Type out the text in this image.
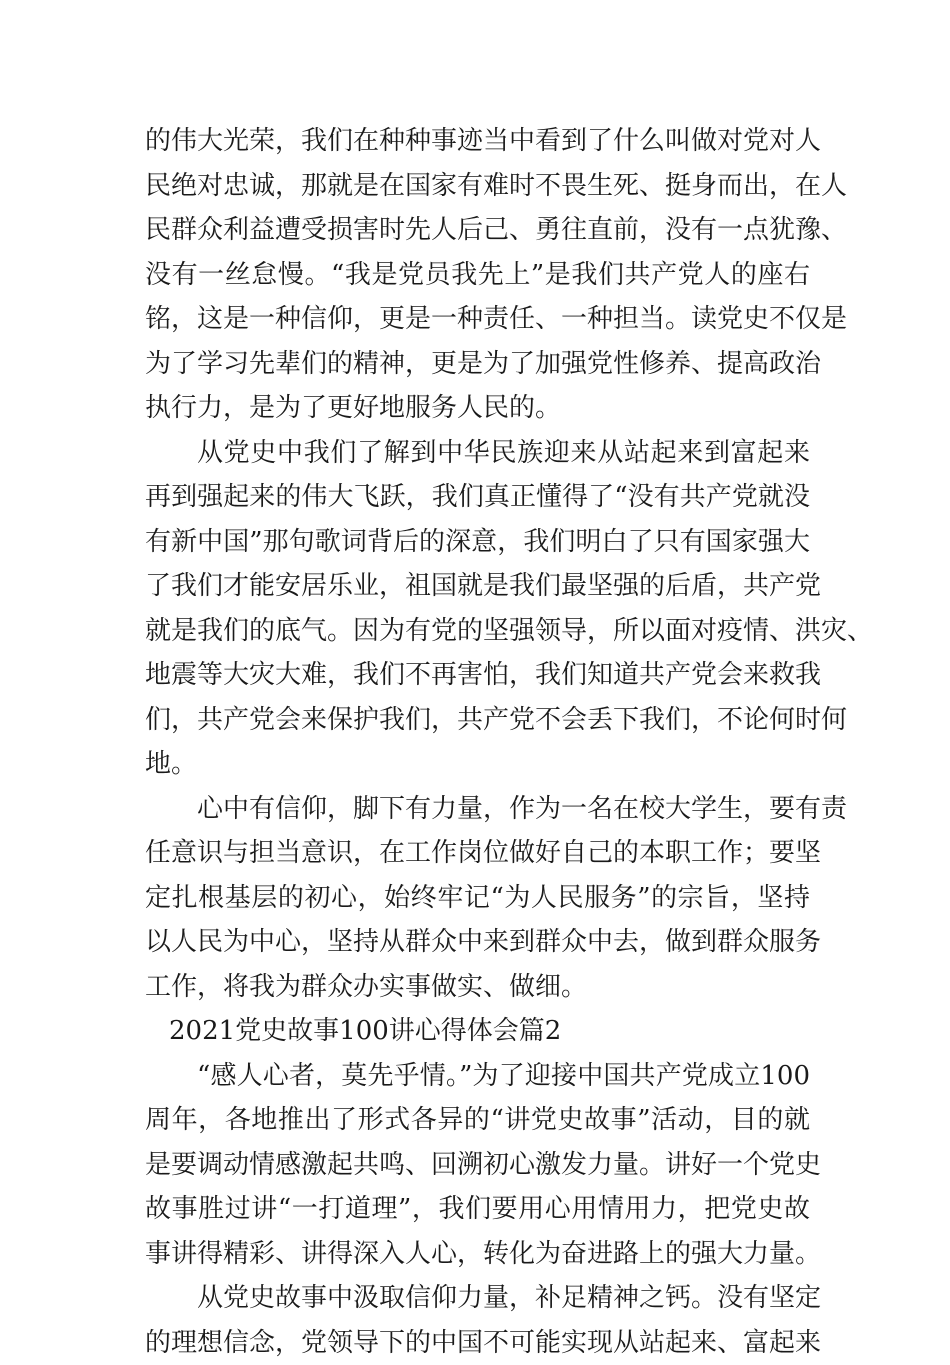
的伟大光荣，我们在种种事迹当中看到了什么叫做对党对人
民绝对忠诚，那就是在国家有难时不畏生死、挺身而出，在人
民群众利益遭受损害时先人后己、勇往直前，没有一点犹豫、
没有一丝怠慢。“我是党员我先上”是我们共产党人的座右
铭，这是一种信仰，更是一种责任、一种担当。读党史不仅是
为了学习先辈们的精神，更是为了加强党性修养、提高政治
执行力，是为了更好地服务人民的。
从党史中我们了解到中华民族迎来从站起来到富起来
再到强起来的伟大飞跃，我们真正懂得了“没有共产党就没
有新中国”那句歌词背后的深意，我们明白了只有国家强大
了我们才能安居乐业，祖国就是我们最坚强的后盾，共产党
就是我们的底气。因为有党的坚强领导，所以面对疫情、洪灾、
地震等大灾大难，我们不再害怕，我们知道共产党会来救我
们，共产党会来保护我们，共产党不会丢下我们，不论何时何
地。
心中有信仰，脚下有力量，作为一名在校大学生，要有责
任意识与担当意识，在工作岗位做好自己的本职工作；要坚
定扎根基层的初心，始终牢记“为人民服务”的宗旨，坚持
以人民为中心，坚持从群众中来到群众中去，做到群众服务
工作，将我为群众办实事做实、做细。
2021党史故事100讲心得体会篇2
“感人心者，莫先乎情。”为了迎接中国共产党成立100
周年，各地推出了形式各异的“讲党史故事”活动，目的就
是要调动情感激起共鸣、回溯初心激发力量。讲好一个党史
故事胜过讲“一打道理”，我们要用心用情用力，把党史故
事讲得精彩、讲得深入人心，转化为奋进路上的强大力量。
从党史故事中汲取信仰力量，补足精神之钙。没有坚定
的理想信念，党领导下的中国不可能实现从站起来、富起来
